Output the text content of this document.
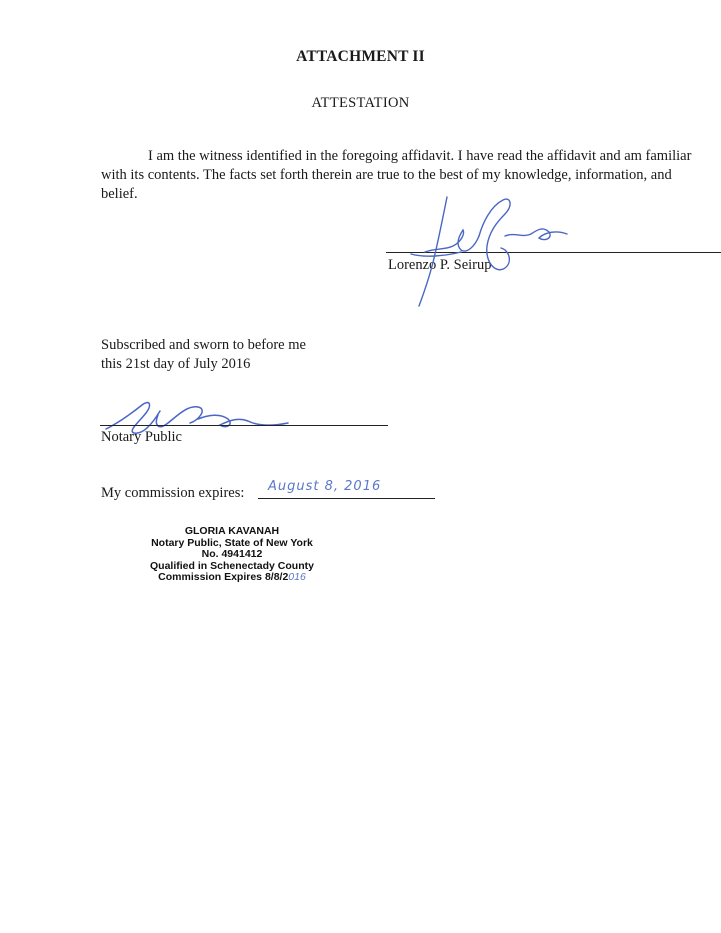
ATTACHMENT II
ATTESTATION
I am the witness identified in the foregoing affidavit. I have read the affidavit and am familiar with its contents. The facts set forth therein are true to the best of my knowledge, information, and belief.
Lorenzo P. Seirup
Subscribed and sworn to before me
this 21st day of July 2016
Notary Public
My commission expires: August 8, 2016
GLORIA KAVANAH
Notary Public, State of New York
No. 4941412
Qualified in Schenectady County
Commission Expires 8/8/2016
